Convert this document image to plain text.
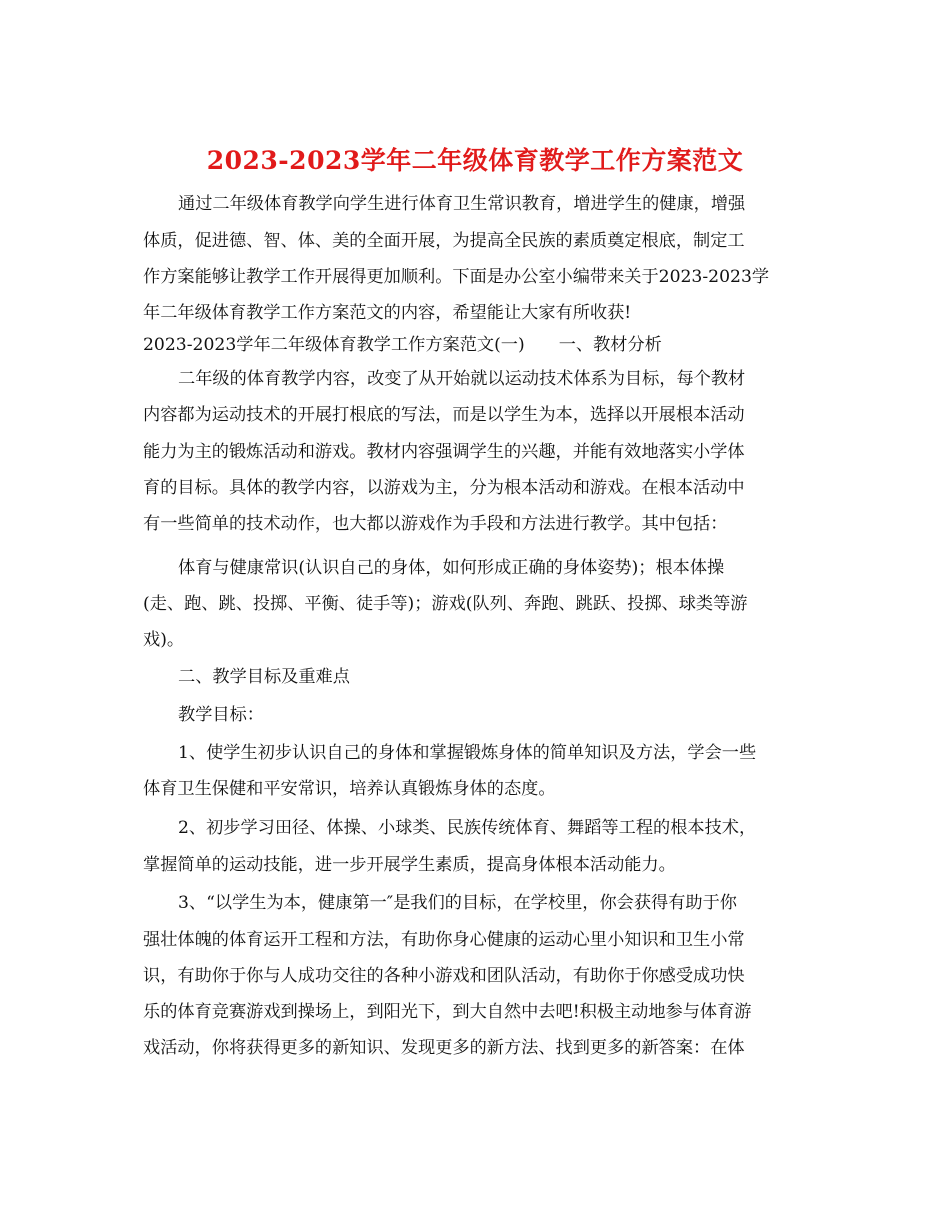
2023-2023学年二年级体育教学工作方案范文
通过二年级体育教学向学生进行体育卫生常识教育，增进学生的健康，增强
体质，促进德、智、体、美的全面开展，为提高全民族的素质奠定根底，制定工
作方案能够让教学工作开展得更加顺利。下面是办公室小编带来关于2023-2023学
年二年级体育教学工作方案范文的内容，希望能让大家有所收获!
2023-2023学年二年级体育教学工作方案范文(一) 一、教材分析
二年级的体育教学内容，改变了从开始就以运动技术体系为目标，每个教材
内容都为运动技术的开展打根底的写法，而是以学生为本，选择以开展根本活动
能力为主的锻炼活动和游戏。教材内容强调学生的兴趣，并能有效地落实小学体
育的目标。具体的教学内容，以游戏为主，分为根本活动和游戏。在根本活动中
有一些简单的技术动作，也大都以游戏作为手段和方法进行教学。其中包括：
体育与健康常识(认识自己的身体，如何形成正确的身体姿势)；根本体操
(走、跑、跳、投掷、平衡、徒手等)；游戏(队列、奔跑、跳跃、投掷、球类等游
戏)。
二、教学目标及重难点
教学目标：
1、使学生初步认识自己的身体和掌握锻炼身体的简单知识及方法，学会一些
体育卫生保健和平安常识，培养认真锻炼身体的态度。
2、初步学习田径、体操、小球类、民族传统体育、舞蹈等工程的根本技术，
掌握简单的运动技能，进一步开展学生素质，提高身体根本活动能力。
3、“以学生为本，健康第一″是我们的目标，在学校里，你会获得有助于你
强壮体魄的体育运开工程和方法，有助你身心健康的运动心里小知识和卫生小常
识，有助你于你与人成功交往的各种小游戏和团队活动，有助你于你感受成功快
乐的体育竞赛游戏到操场上，到阳光下，到大自然中去吧!积极主动地参与体育游
戏活动，你将获得更多的新知识、发现更多的新方法、找到更多的新答案：在体
